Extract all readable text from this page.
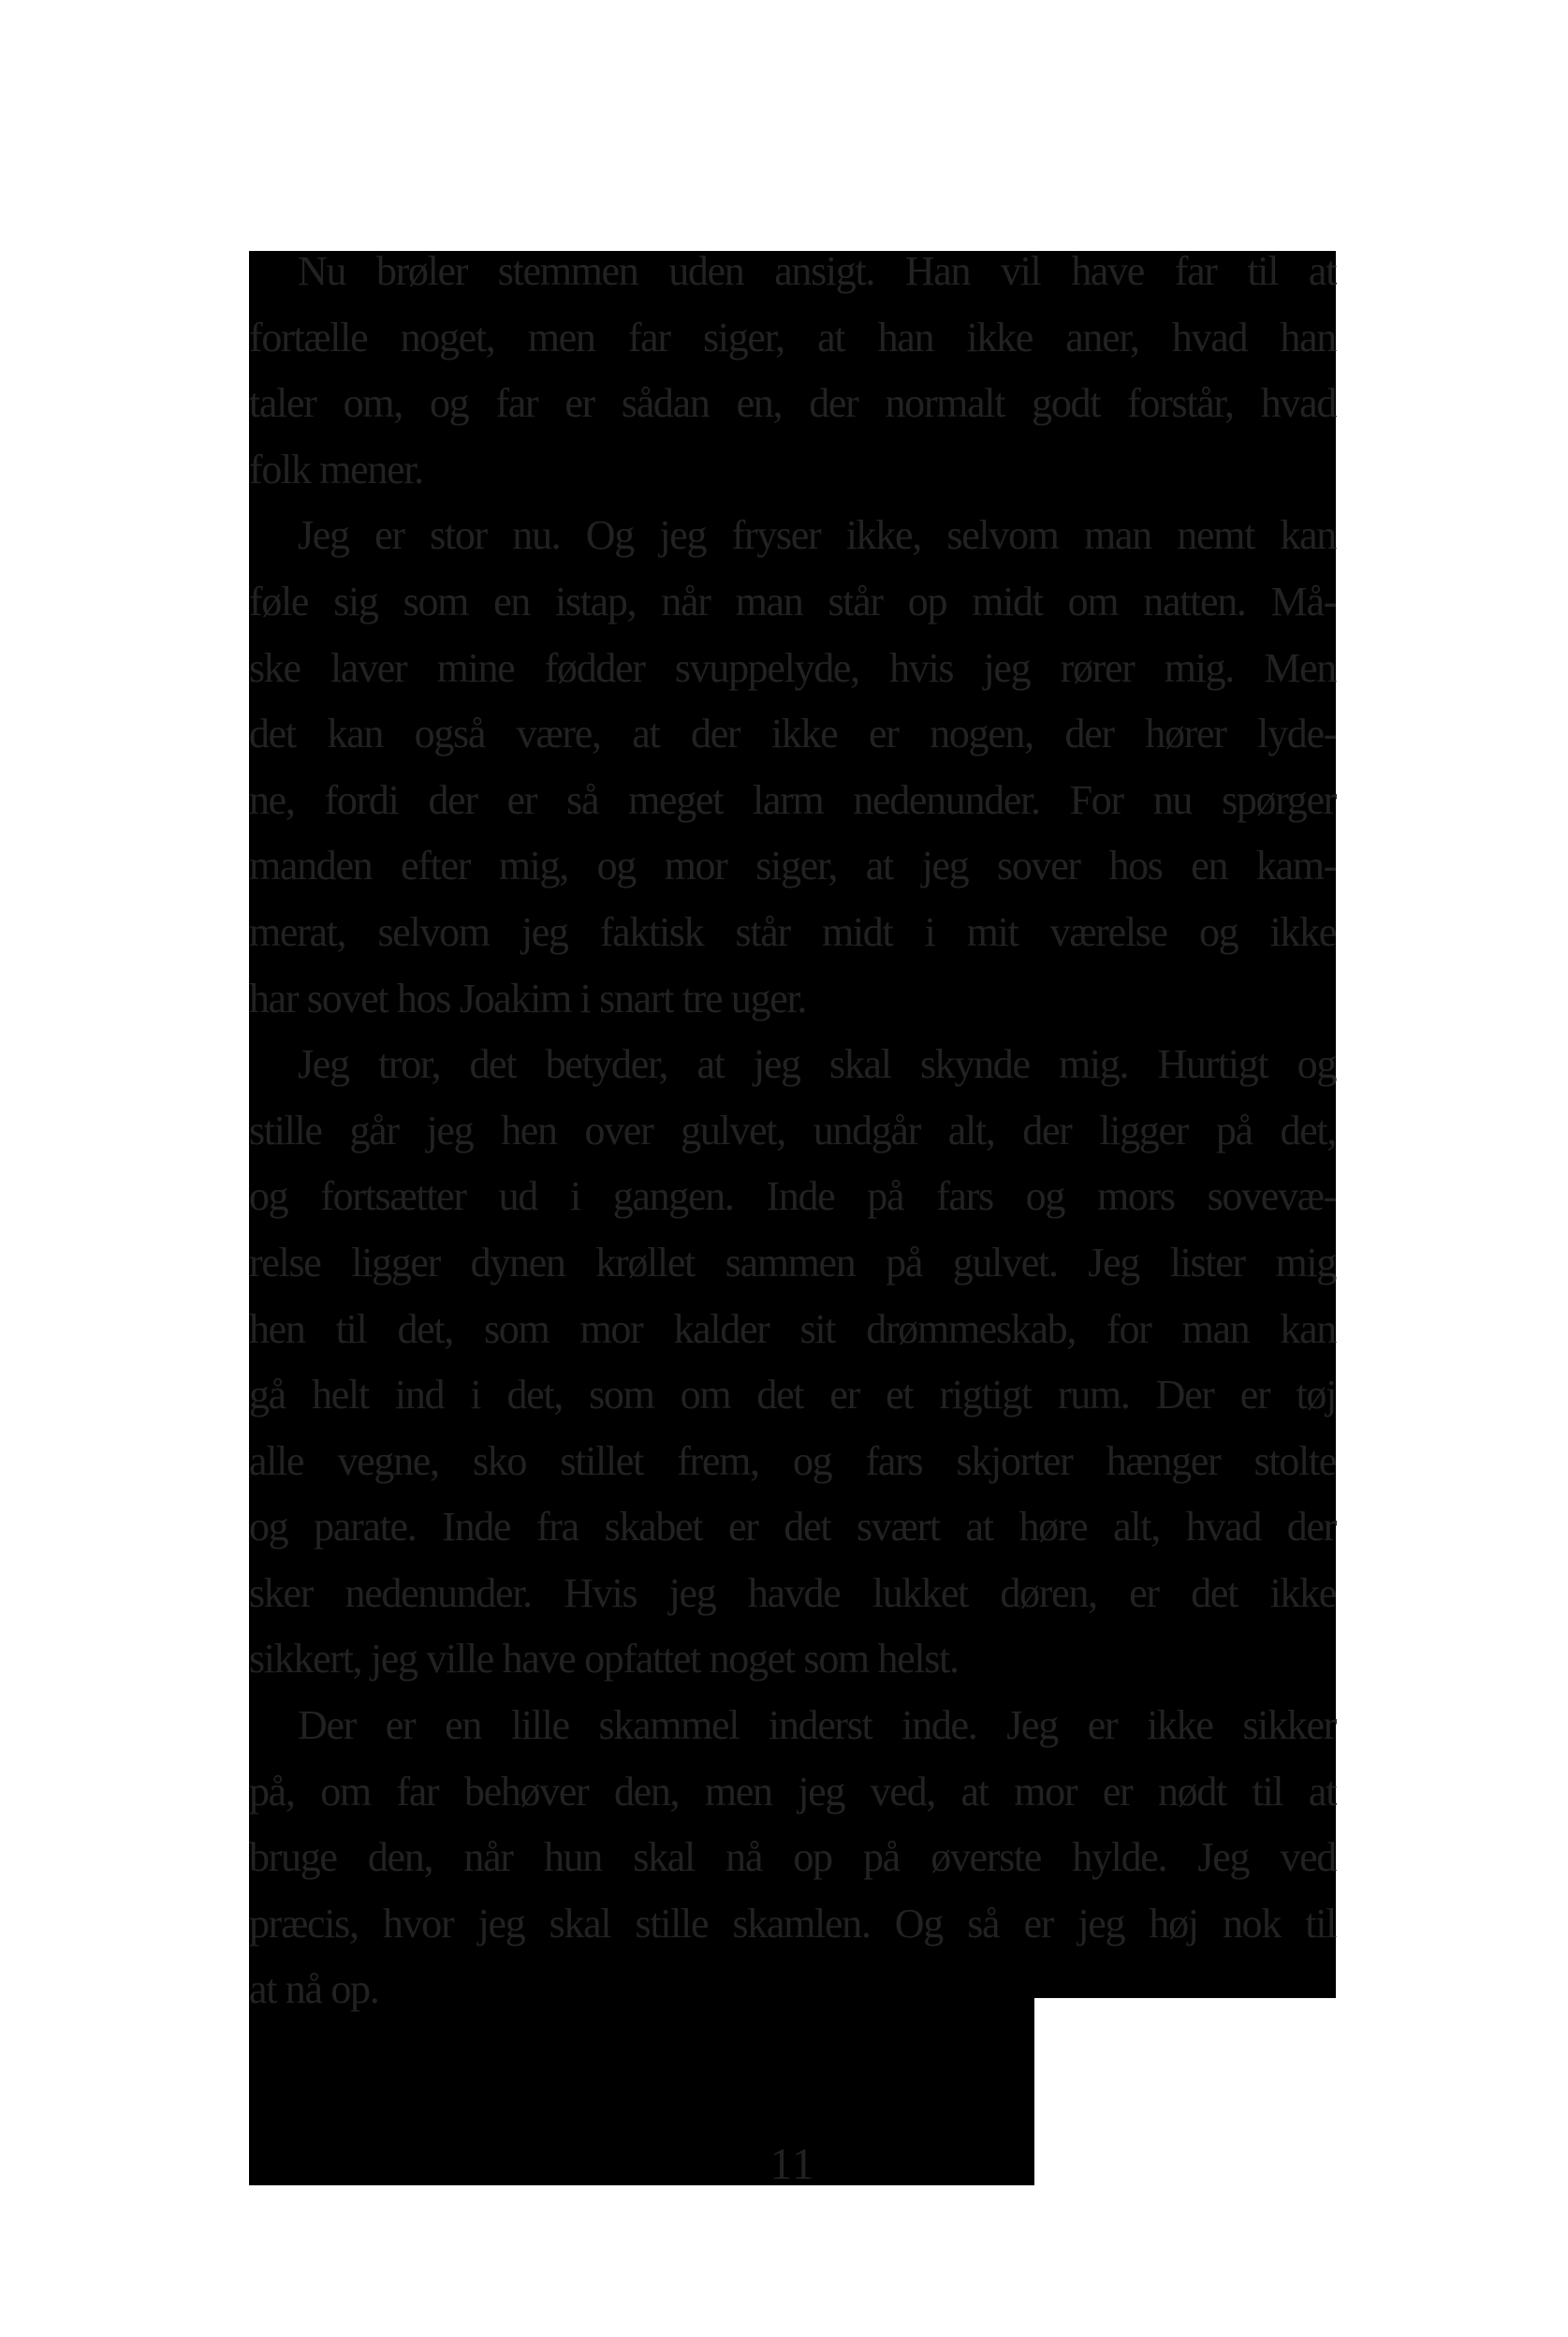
Nu brøler stemmen uden ansigt. Han vil have far til at
fortælle noget, men far siger, at han ikke aner, hvad han
taler om, og far er sådan en, der normalt godt forstår, hvad
folk mener.
Jeg er stor nu. Og jeg fryser ikke, selvom man nemt kan
føle sig som en istap, når man står op midt om natten. Må-
ske laver mine fødder svuppelyde, hvis jeg rører mig. Men
det kan også være, at der ikke er nogen, der hører lyde-
ne, fordi der er så meget larm nedenunder. For nu spørger
manden efter mig, og mor siger, at jeg sover hos en kam-
merat, selvom jeg faktisk står midt i mit værelse og ikke
har sovet hos Joakim i snart tre uger.
Jeg tror, det betyder, at jeg skal skynde mig. Hurtigt og
stille går jeg hen over gulvet, undgår alt, der ligger på det,
og fortsætter ud i gangen. Inde på fars og mors sovevæ-
relse ligger dynen krøllet sammen på gulvet. Jeg lister mig
hen til det, som mor kalder sit drømmeskab, for man kan
gå helt ind i det, som om det er et rigtigt rum. Der er tøj
alle vegne, sko stillet frem, og fars skjorter hænger stolte
og parate. Inde fra skabet er det svært at høre alt, hvad der
sker nedenunder. Hvis jeg havde lukket døren, er det ikke
sikkert, jeg ville have opfattet noget som helst.
Der er en lille skammel inderst inde. Jeg er ikke sikker
på, om far behøver den, men jeg ved, at mor er nødt til at
bruge den, når hun skal nå op på øverste hylde. Jeg ved
præcis, hvor jeg skal stille skamlen. Og så er jeg høj nok til
at nå op.
11
